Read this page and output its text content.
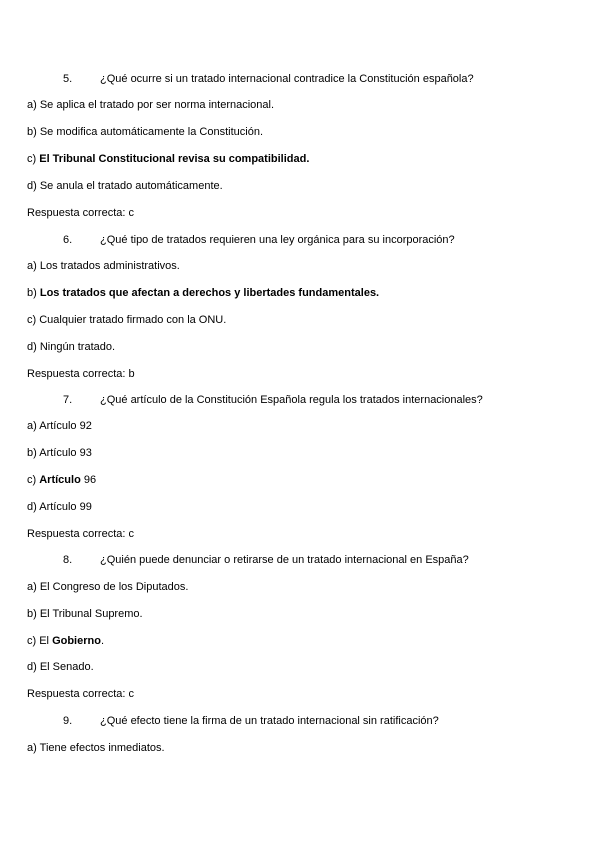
5.	¿Qué ocurre si un tratado internacional contradice la Constitución española?
a) Se aplica el tratado por ser norma internacional.
b) Se modifica automáticamente la Constitución.
c) El Tribunal Constitucional revisa su compatibilidad.
d) Se anula el tratado automáticamente.
Respuesta correcta: c
6.	¿Qué tipo de tratados requieren una ley orgánica para su incorporación?
a) Los tratados administrativos.
b) Los tratados que afectan a derechos y libertades fundamentales.
c) Cualquier tratado firmado con la ONU.
d) Ningún tratado.
Respuesta correcta: b
7.	¿Qué artículo de la Constitución Española regula los tratados internacionales?
a) Artículo 92
b) Artículo 93
c) Artículo 96
d) Artículo 99
Respuesta correcta: c
8.	¿Quién puede denunciar o retirarse de un tratado internacional en España?
a) El Congreso de los Diputados.
b) El Tribunal Supremo.
c) El Gobierno.
d) El Senado.
Respuesta correcta: c
9.	¿Qué efecto tiene la firma de un tratado internacional sin ratificación?
a) Tiene efectos inmediatos.
